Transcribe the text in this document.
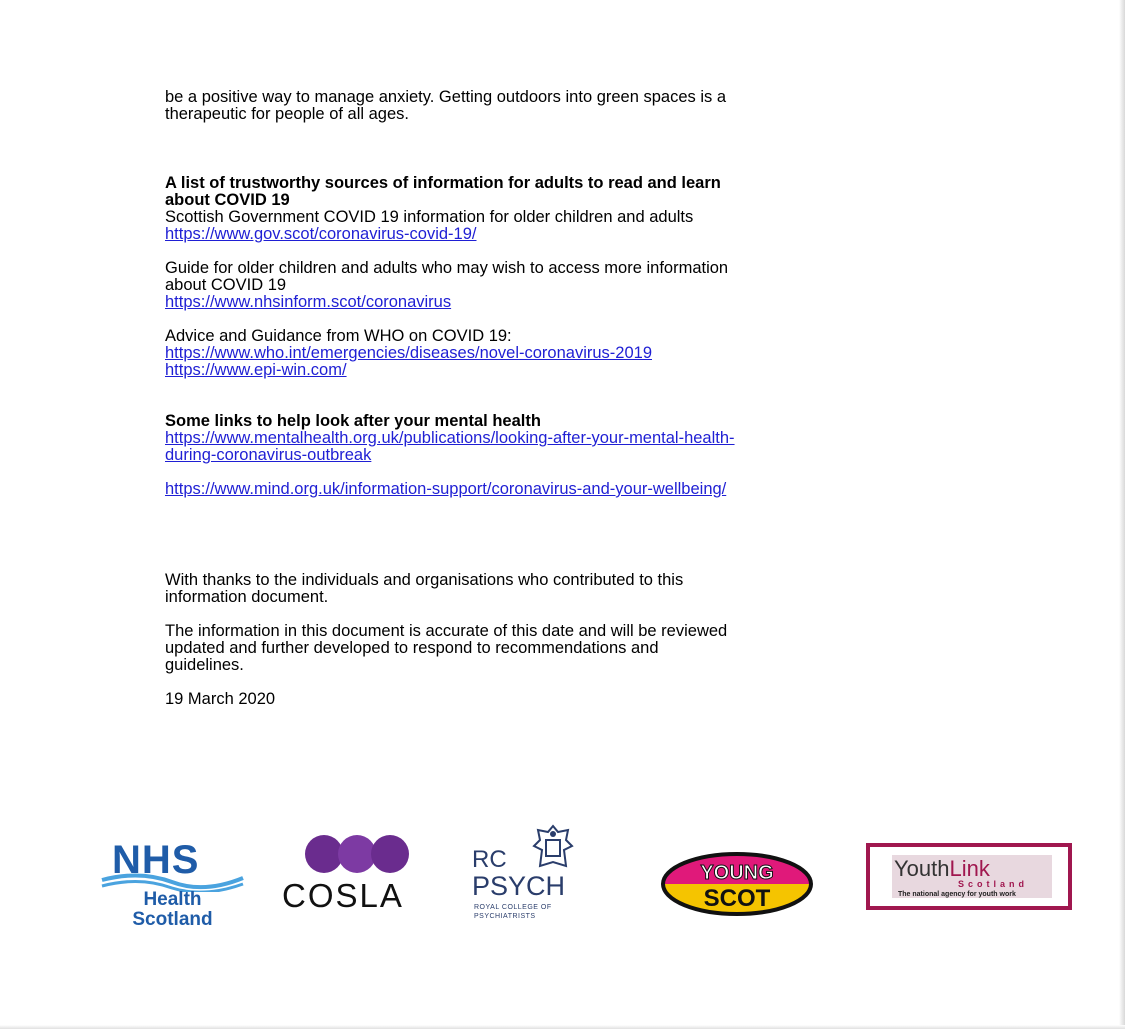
be a positive way to manage anxiety. Getting outdoors into green spaces is a

therapeutic for people of all ages.

A list of trustworthy sources of information for adults to read and learn

about COVID 19

Scottish Government COVID 19 information for older children and adults

https://www.gov.scot/coronavirus-covid-19/

Guide for older children and adults who may wish to access more information

about COVID 19

https://www.nhsinform.scot/coronavirus

Advice and Guidance from WHO on COVID 19:

https://www.who.int/emergencies/diseases/novel-coronavirus-2019
https://www.epi-win.com/

Some links to help look after your mental health

https://www.mentalhealth.org.uk/publications/looking-after-your-mental-health-
during-coronavirus-outbreak
https://www.mind.org.uk/information-support/coronavirus-and-your-wellbeing/

With thanks to the individuals and organisations who contributed to this

information document.

The information in this document is accurate of this date and will be reviewed

updated and further developed to respond to recommendations and

guidelines.

19 March 2020

NHS
Health
Scotland
COSLA
RC
PSYCH
ROYAL COLLEGE OF
PSYCHIATRISTS
YOUNG
SCOT
YouthLink
Scotland
The national agency for youth work
